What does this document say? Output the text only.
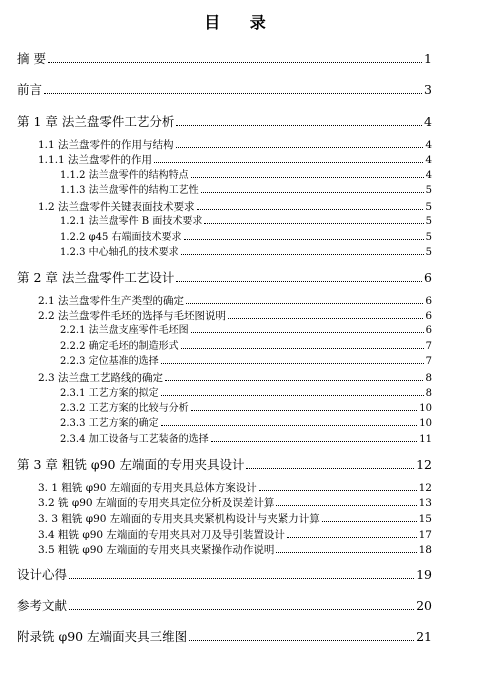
目 录
摘 要	1
前言	3
第 1 章 法兰盘零件工艺分析	4
1.1 法兰盘零件的作用与结构	4
1.1.1 法兰盘零件的作用	4
1.1.2 法兰盘零件的结构特点	4
1.1.3 法兰盘零件的结构工艺性	5
1.2 法兰盘零件关键表面技术要求	5
1.2.1 法兰盘零件 B 面技术要求	5
1.2.2 φ45 右端面技术要求	5
1.2.3 中心轴孔的技术要求	5
第 2 章 法兰盘零件工艺设计	6
2.1 法兰盘零件生产类型的确定	6
2.2 法兰盘零件毛坯的选择与毛坯图说明	6
2.2.1 法兰盘支座零件毛坯图	6
2.2.2 确定毛坯的制造形式	7
2.2.3 定位基准的选择	7
2.3 法兰盘工艺路线的确定	8
2.3.1 工艺方案的拟定	8
2.3.2 工艺方案的比较与分析	10
2.3.3 工艺方案的确定	10
2.3.4 加工设备与工艺装备的选择	11
第 3 章 粗铣 φ90 左端面的专用夹具设计	12
3. 1 粗铣 φ90 左端面的专用夹具总体方案设计	12
3.2 铣 φ90 左端面的专用夹具定位分析及误差计算	13
3. 3 粗铣 φ90 左端面的专用夹具夹紧机构设计与夹紧力计算	15
3.4 粗铣 φ90 左端面的专用夹具对刀及导引装置设计	17
3.5 粗铣 φ90 左端面的专用夹具夹紧操作动作说明	18
设计心得	19
参考文献	20
附录铣 φ90 左端面夹具三维图	21
